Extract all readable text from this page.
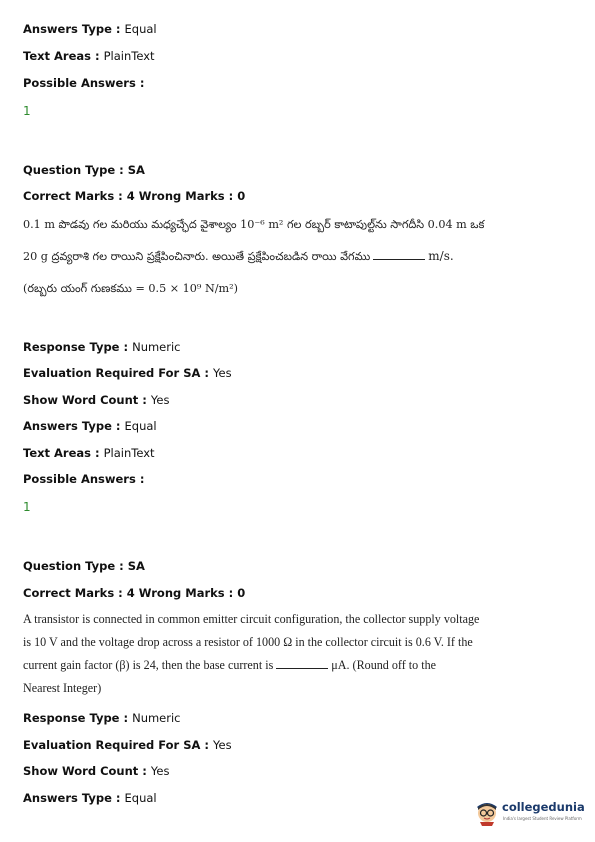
Answers Type : Equal
Text Areas : PlainText
Possible Answers :
1
Question Type : SA
Correct Marks : 4 Wrong Marks : 0
0.1 m పొడవు గల మరియు మధ్యచ్ఛేద వైశాల్యం 10⁻⁶ m² గల రబ్బర్ కాటాపుల్ట్‌ను సాగదీసి 0.04 m ఒక
20 g ద్రవ్యరాశి గల రాయిని ప్రక్షేపించినారు. అయితే ప్రక్షేపించబడిన రాయి వేగము	m/s.
(రబ్బరు యంగ్ గుణకము = 0.5 × 10⁹ N/m²)
Response Type : Numeric
Evaluation Required For SA : Yes
Show Word Count : Yes
Answers Type : Equal
Text Areas : PlainText
Possible Answers :
1
Question Type : SA
Correct Marks : 4 Wrong Marks : 0
A transistor is connected in common emitter circuit configuration, the collector supply voltage
is 10 V and the voltage drop across a resistor of 1000 Ω in the collector circuit is 0.6 V. If the
current gain factor (β) is 24, then the base current is	μA. (Round off to the
Nearest Integer)
Response Type : Numeric
Evaluation Required For SA : Yes
Show Word Count : Yes
Answers Type : Equal
collegedunia
India's largest Student Review Platform
